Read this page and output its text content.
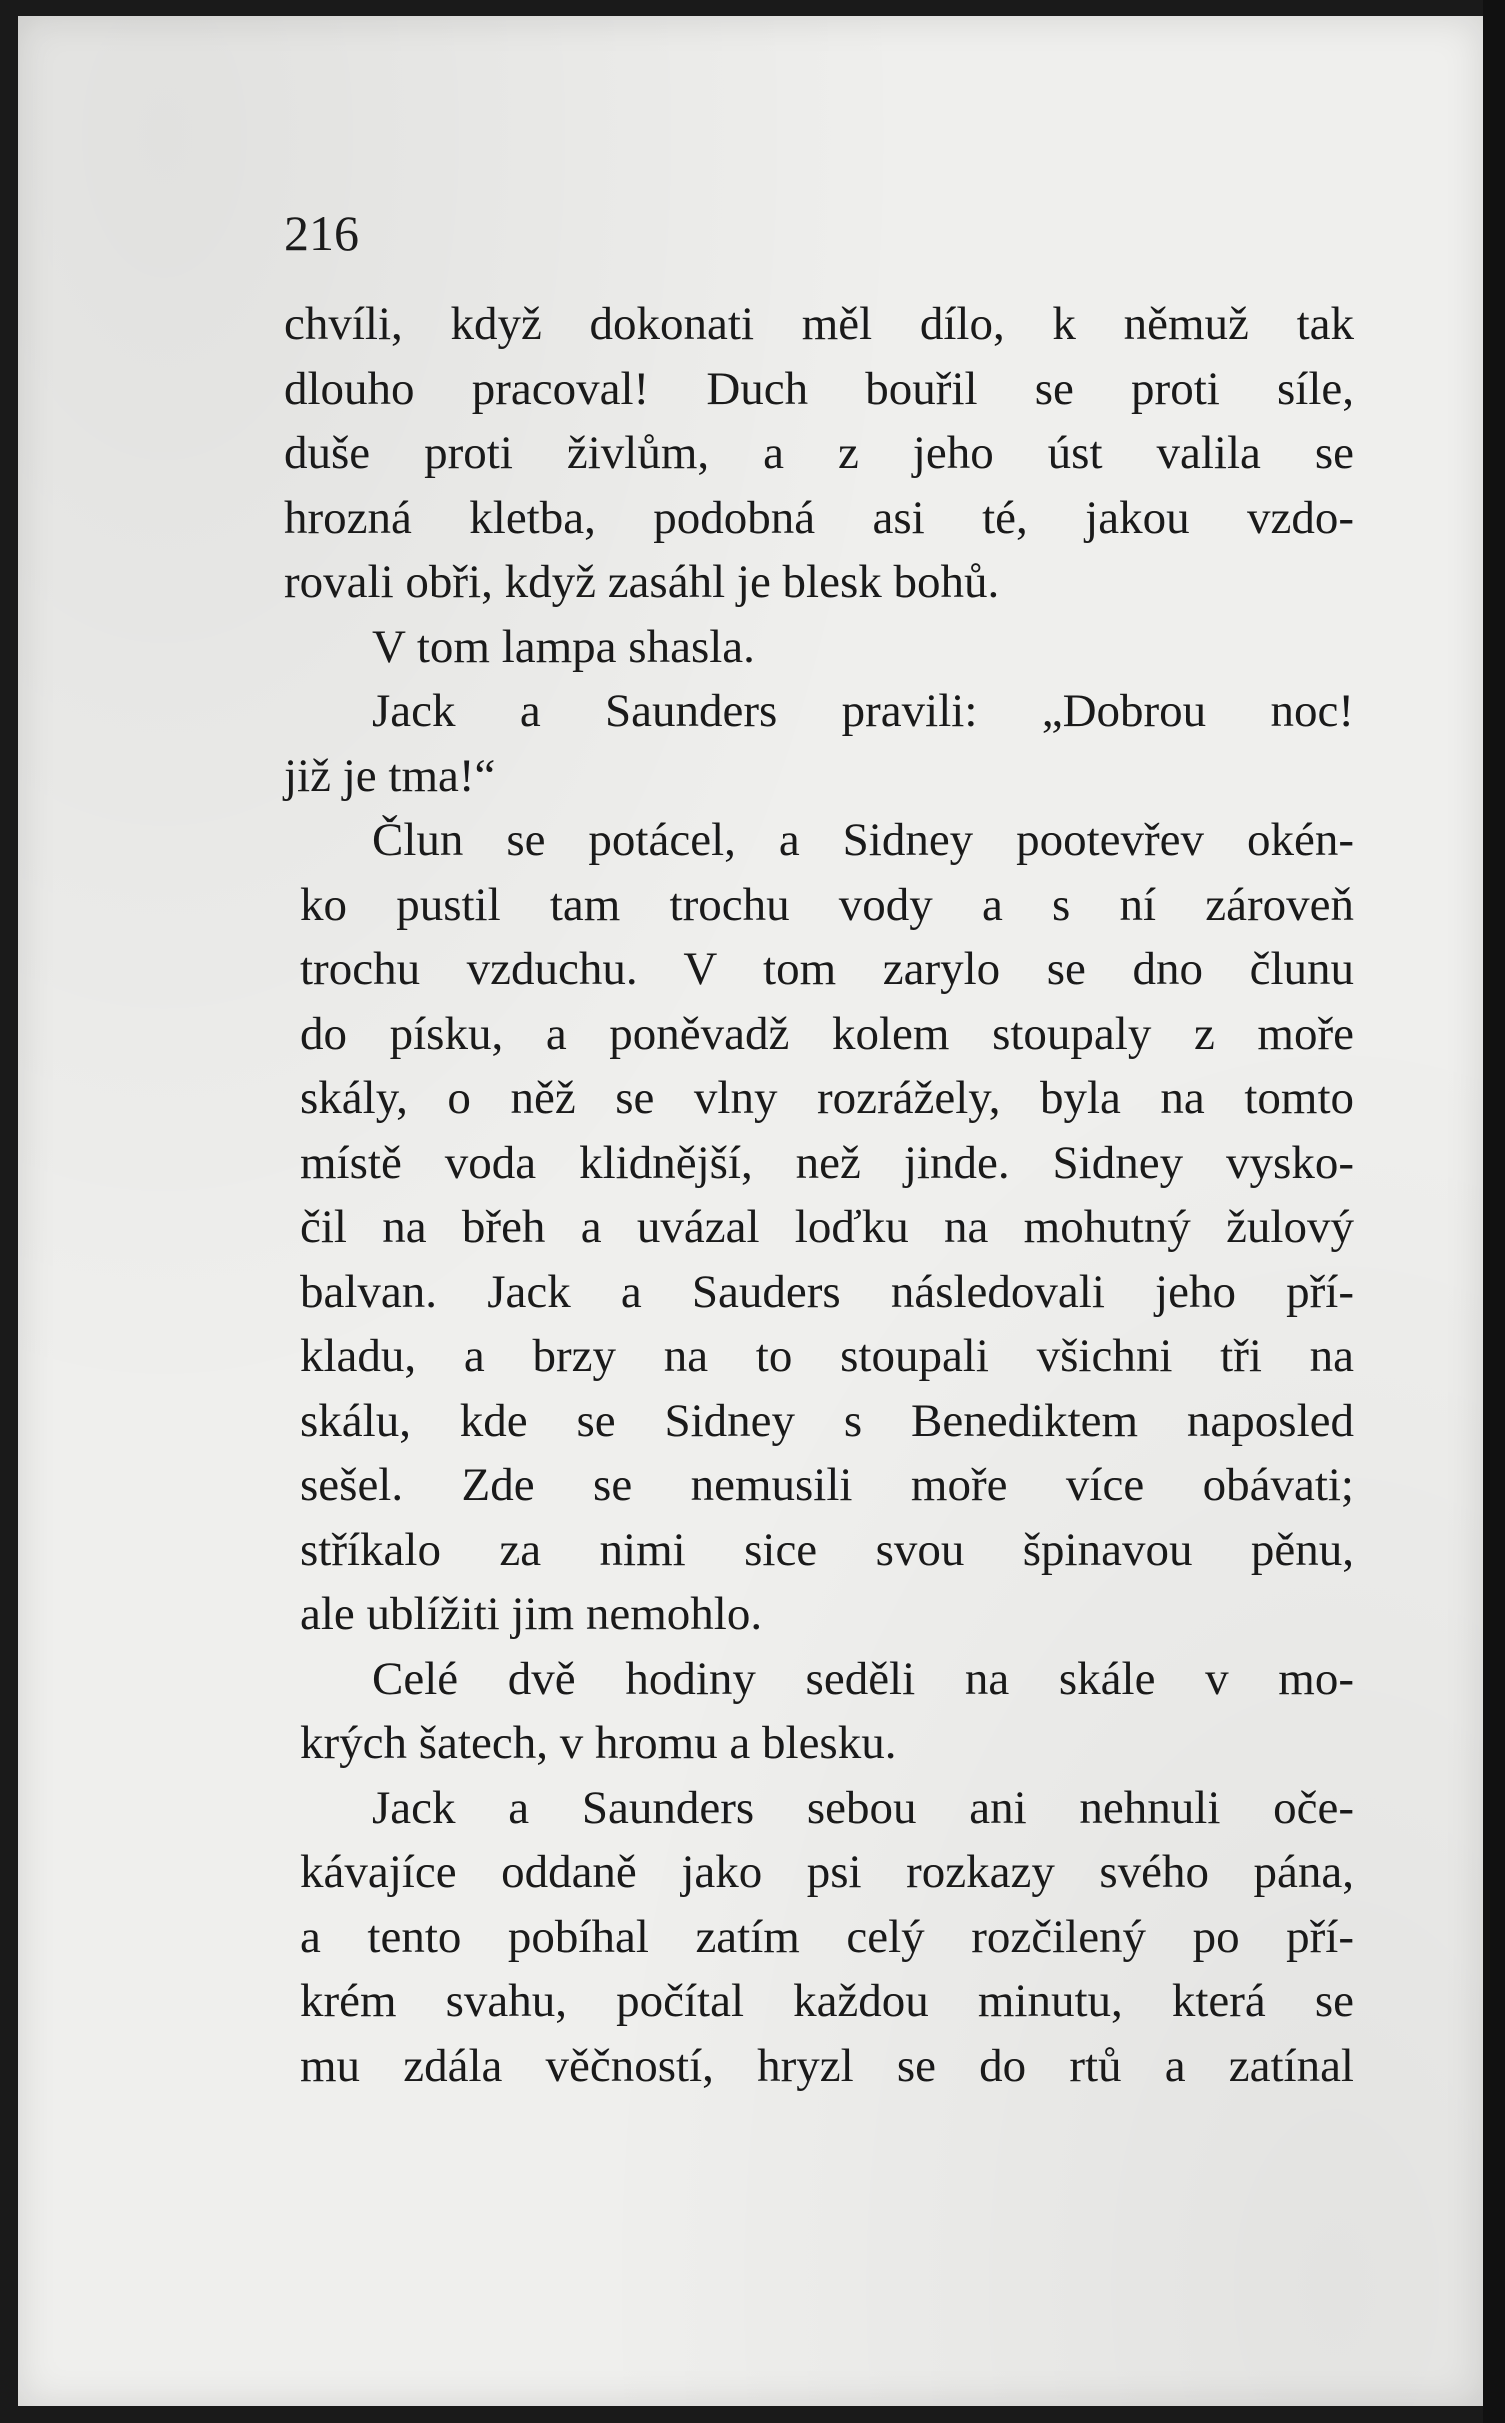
216
chvíli, když dokonati měl dílo, k němuž tak
dlouho pracoval! Duch bouřil se proti síle,
duše proti živlům, a z jeho úst valila se
hrozná kletba, podobná asi té, jakou vzdo-
rovali obři, když zasáhl je blesk bohů.
V tom lampa shasla.
Jack a Saunders pravili: „Dobrou noc!
již je tma!“
Člun se potácel, a Sidney pootevřev okén-
ko pustil tam trochu vody a s ní zároveň
trochu vzduchu. V tom zarylo se dno člunu
do písku, a poněvadž kolem stoupaly z moře
skály, o něž se vlny rozrážely, byla na tomto
místě voda klidnější, než jinde. Sidney vysko-
čil na břeh a uvázal loďku na mohutný žulový
balvan. Jack a Sauders následovali jeho pří-
kladu, a brzy na to stoupali všichni tři na
skálu, kde se Sidney s Benediktem naposled
sešel. Zde se nemusili moře více obávati;
stříkalo za nimi sice svou špinavou pěnu,
ale ublížiti jim nemohlo.
Celé dvě hodiny seděli na skále v mo-
krých šatech, v hromu a blesku.
Jack a Saunders sebou ani nehnuli oče-
kávajíce oddaně jako psi rozkazy svého pána,
a tento pobíhal zatím celý rozčilený po pří-
krém svahu, počítal každou minutu, která se
mu zdála věčností, hryzl se do rtů a zatínal
